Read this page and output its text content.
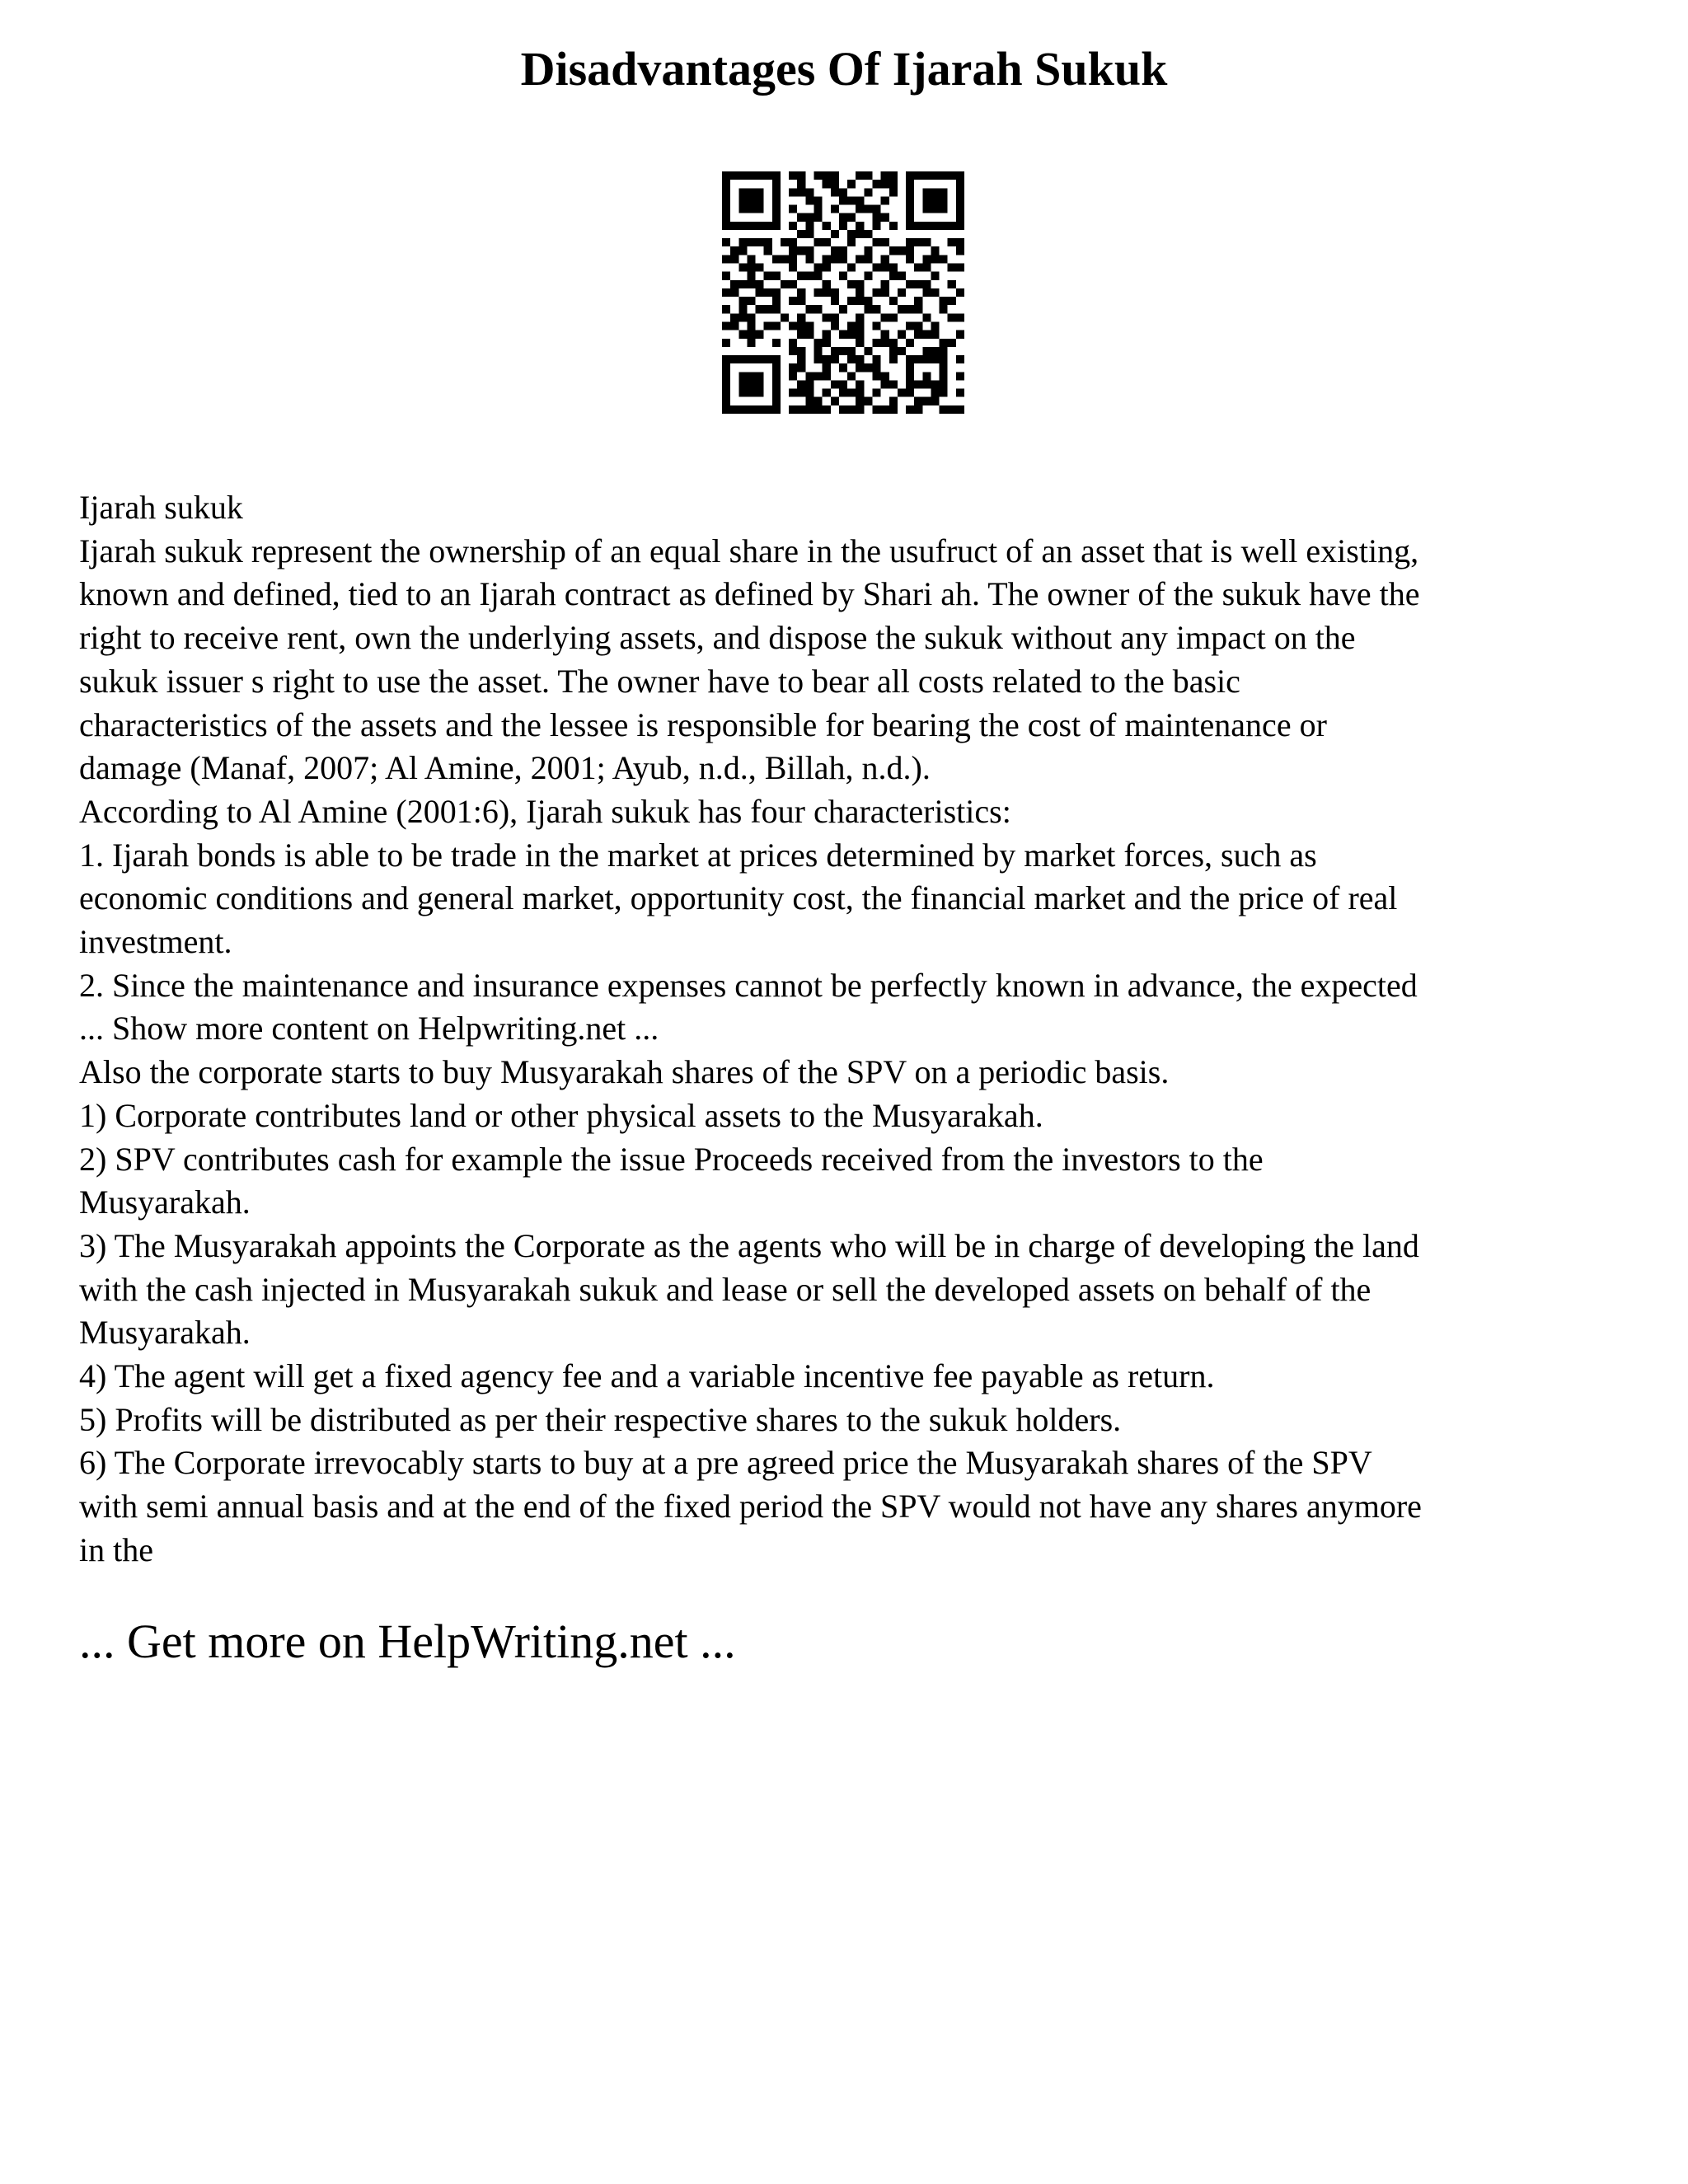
Disadvantages Of Ijarah Sukuk
Ijarah sukuk
Ijarah sukuk represent the ownership of an equal share in the usufruct of an asset that is well existing,
known and defined, tied to an Ijarah contract as defined by Shari ah. The owner of the sukuk have the
right to receive rent, own the underlying assets, and dispose the sukuk without any impact on the
sukuk issuer s right to use the asset. The owner have to bear all costs related to the basic
characteristics of the assets and the lessee is responsible for bearing the cost of maintenance or
damage (Manaf, 2007; Al Amine, 2001; Ayub, n.d., Billah, n.d.).
According to Al Amine (2001:6), Ijarah sukuk has four characteristics:
1. Ijarah bonds is able to be trade in the market at prices determined by market forces, such as
economic conditions and general market, opportunity cost, the financial market and the price of real
investment.
2. Since the maintenance and insurance expenses cannot be perfectly known in advance, the expected
... Show more content on Helpwriting.net ...
Also the corporate starts to buy Musyarakah shares of the SPV on a periodic basis.
1) Corporate contributes land or other physical assets to the Musyarakah.
2) SPV contributes cash for example the issue Proceeds received from the investors to the
Musyarakah.
3) The Musyarakah appoints the Corporate as the agents who will be in charge of developing the land
with the cash injected in Musyarakah sukuk and lease or sell the developed assets on behalf of the
Musyarakah.
4) The agent will get a fixed agency fee and a variable incentive fee payable as return.
5) Profits will be distributed as per their respective shares to the sukuk holders.
6) The Corporate irrevocably starts to buy at a pre agreed price the Musyarakah shares of the SPV
with semi annual basis and at the end of the fixed period the SPV would not have any shares anymore
in the
... Get more on HelpWriting.net ...
